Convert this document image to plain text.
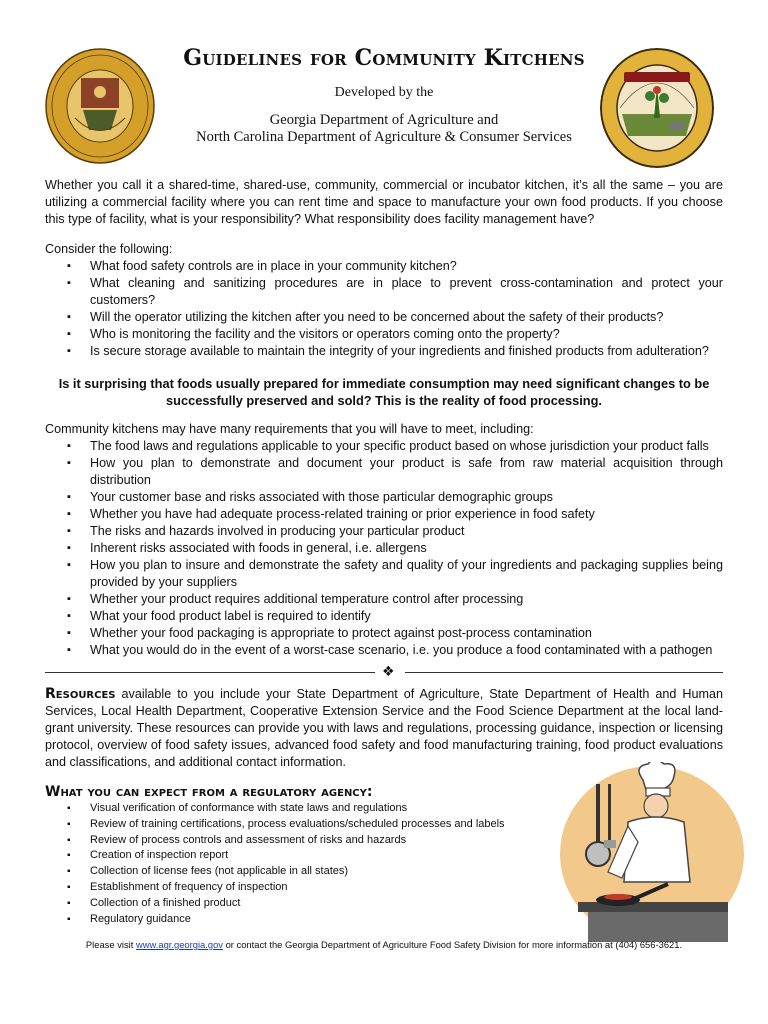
Guidelines for Community Kitchens
Developed by the
Georgia Department of Agriculture and
North Carolina Department of Agriculture & Consumer Services
Whether you call it a shared-time, shared-use, community, commercial or incubator kitchen, it’s all the same – you are utilizing a commercial facility where you can rent time and space to manufacture your own food products. If you choose this type of facility, what is your responsibility? What responsibility does facility management have?
Consider the following:
▪ What food safety controls are in place in your community kitchen?
▪ What cleaning and sanitizing procedures are in place to prevent cross-contamination and protect your customers?
▪ Will the operator utilizing the kitchen after you need to be concerned about the safety of their products?
▪ Who is monitoring the facility and the visitors or operators coming onto the property?
▪ Is secure storage available to maintain the integrity of your ingredients and finished products from adulteration?
Is it surprising that foods usually prepared for immediate consumption may need significant changes to be successfully preserved and sold? This is the reality of food processing.
Community kitchens may have many requirements that you will have to meet, including:
▪ The food laws and regulations applicable to your specific product based on whose jurisdiction your product falls
▪ How you plan to demonstrate and document your product is safe from raw material acquisition through distribution
▪ Your customer base and risks associated with those particular demographic groups
▪ Whether you have had adequate process-related training or prior experience in food safety
▪ The risks and hazards involved in producing your particular product
▪ Inherent risks associated with foods in general, i.e. allergens
▪ How you plan to insure and demonstrate the safety and quality of your ingredients and packaging supplies being provided by your suppliers
▪ Whether your product requires additional temperature control after processing
▪ What your food product label is required to identify
▪ Whether your food packaging is appropriate to protect against post-process contamination
▪ What you would do in the event of a worst-case scenario, i.e. you produce a food contaminated with a pathogen
❖
Resources available to you include your State Department of Agriculture, State Department of Health and Human Services, Local Health Department, Cooperative Extension Service and the Food Science Department at the local land-grant university. These resources can provide you with laws and regulations, processing guidance, inspection or licensing protocol, overview of food safety issues, advanced food safety and food manufacturing training, food product evaluations and classifications, and additional contact information.
What you can expect from a regulatory agency:
▪ Visual verification of conformance with state laws and regulations
▪ Review of training certifications, process evaluations/scheduled processes and labels
▪ Review of process controls and assessment of risks and hazards
▪ Creation of inspection report
▪ Collection of license fees (not applicable in all states)
▪ Establishment of frequency of inspection
▪ Collection of a finished product
▪ Regulatory guidance
Please visit www.agr.georgia.gov or contact the Georgia Department of Agriculture Food Safety Division for more information at (404) 656-3621.
